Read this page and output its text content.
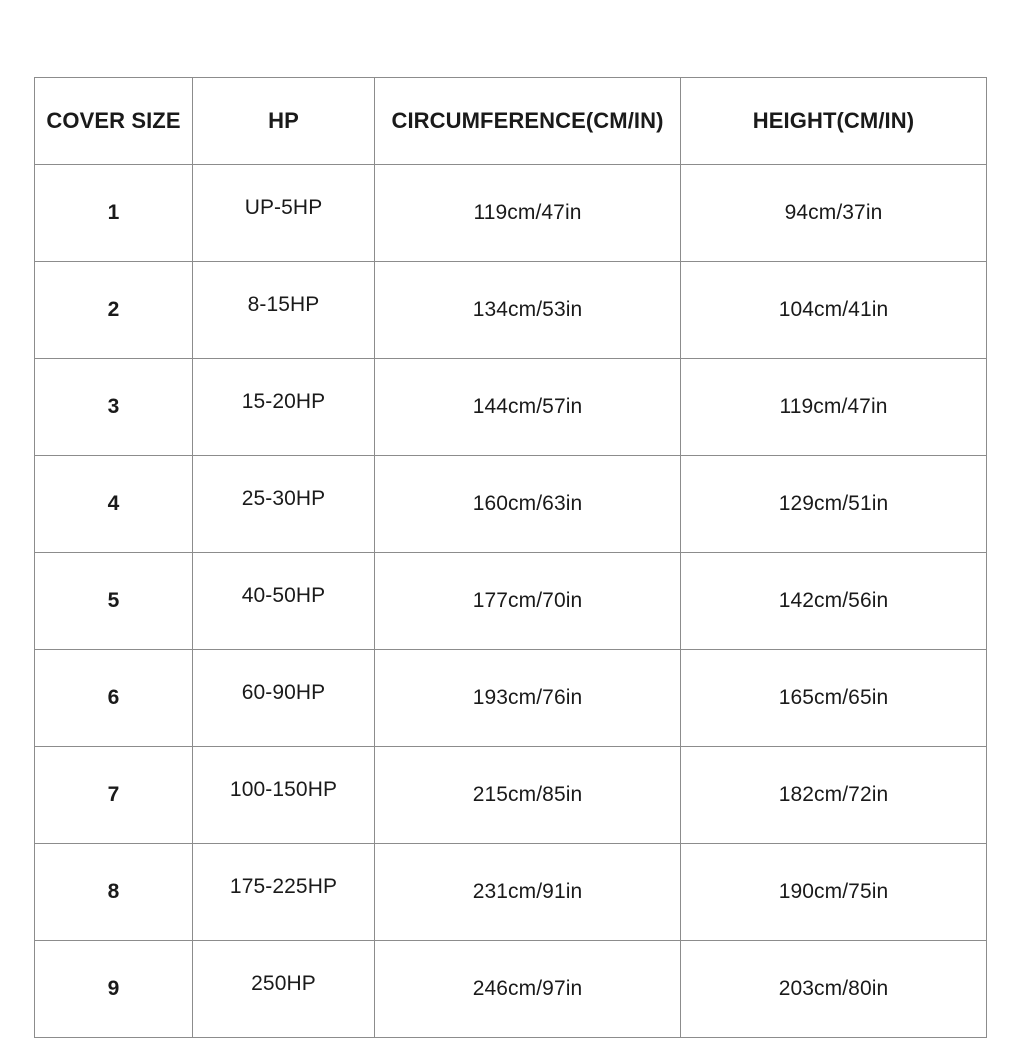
COVER SIZE	HP	CIRCUMFERENCE(CM/IN)	HEIGHT(CM/IN)
1	UP-5HP	119cm/47in	94cm/37in
2	8-15HP	134cm/53in	104cm/41in
3	15-20HP	144cm/57in	119cm/47in
4	25-30HP	160cm/63in	129cm/51in
5	40-50HP	177cm/70in	142cm/56in
6	60-90HP	193cm/76in	165cm/65in
7	100-150HP	215cm/85in	182cm/72in
8	175-225HP	231cm/91in	190cm/75in
9	250HP	246cm/97in	203cm/80in
